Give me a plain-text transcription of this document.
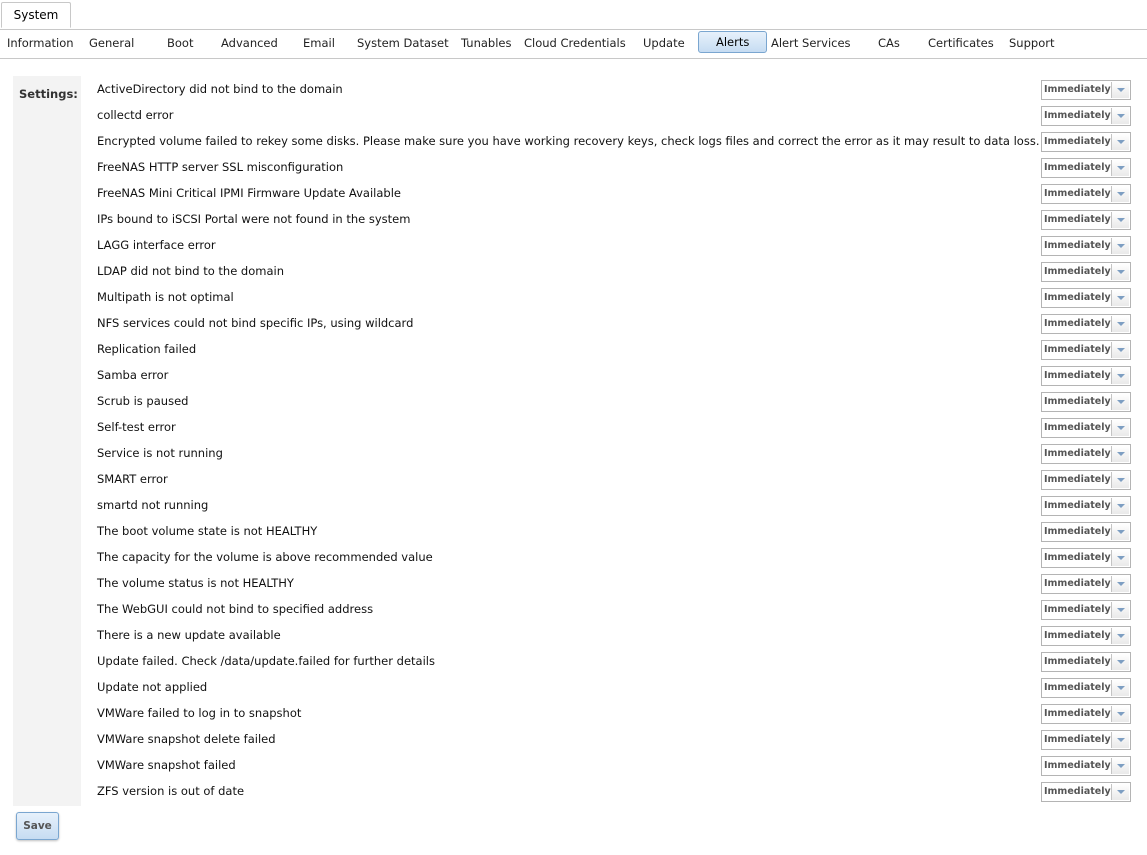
System
Information General	Boot Advanced Email System Dataset Tunables Cloud Credentials Update	Alerts	Alert Services CAs Certificates Support
Settings: ActiveDirectory did not bind to the domain	Immediately
collectd error	Immediately
Encrypted volume failed to rekey some disks. Please make sure you have working recovery keys, check logs files and correct the error as it may result to data loss. Immediately
FreeNAS HTTP server SSL misconfiguration	Immediately
FreeNAS Mini Critical IPMI Firmware Update Available	Immediately
IPs bound to iSCSI Portal were not found in the system	Immediately
LAGG interface error	Immediately
LDAP did not bind to the domain	Immediately
Multipath is not optimal	Immediately
NFS services could not bind specific IPs, using wildcard	Immediately
Replication failed	Immediately
Samba error	Immediately
Scrub is paused	Immediately
Self-test error	Immediately
Service is not running	Immediately
SMART error	Immediately
smartd not running	Immediately
The boot volume state is not HEALTHY	Immediately
The capacity for the volume is above recommended value	Immediately
The volume status is not HEALTHY	Immediately
The WebGUI could not bind to specified address	Immediately
There is a new update available	Immediately
Update failed. Check /data/update.failed for further details	Immediately
Update not applied	Immediately
VMWare failed to log in to snapshot	Immediately
VMWare snapshot delete failed	Immediately
VMWare snapshot failed	Immediately
ZFS version is out of date	Immediately
Save
